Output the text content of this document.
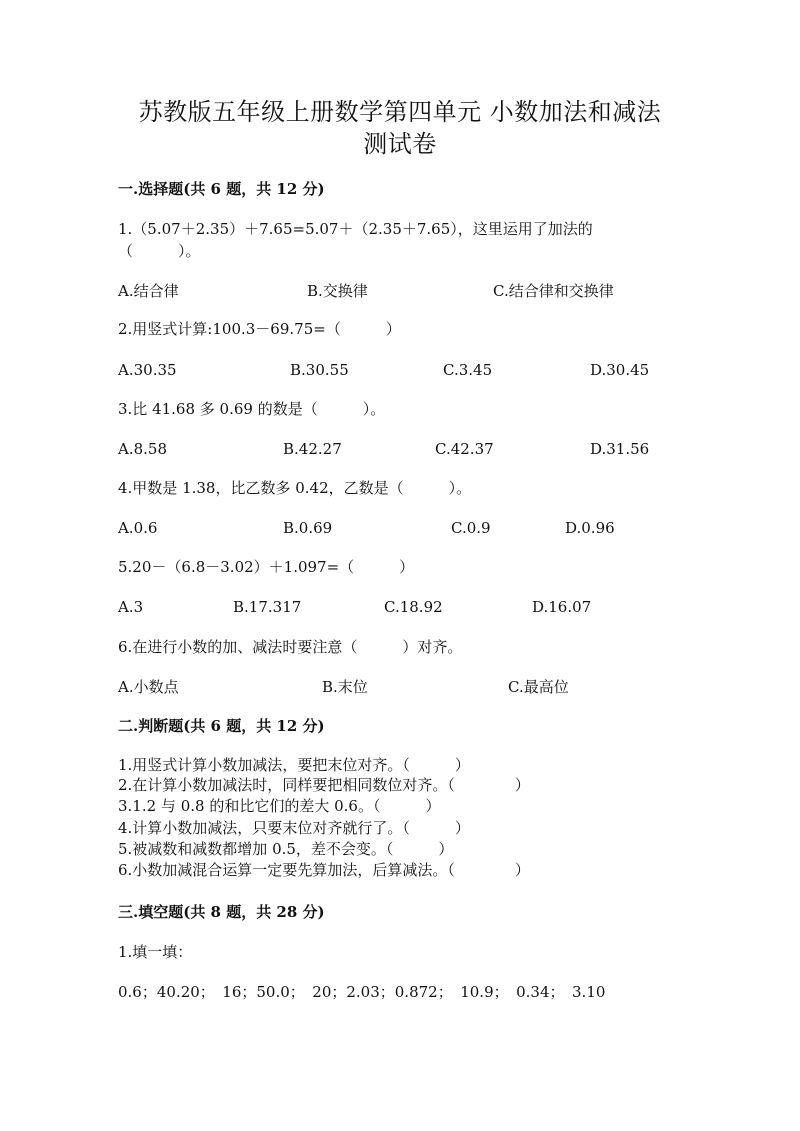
苏教版五年级上册数学第四单元 小数加法和减法
测试卷
一.选择题(共 6 题，共 12 分)
1.（5.07＋2.35）＋7.65=5.07＋（2.35＋7.65），这里运用了加法的
（　　　）。
A.结合律	B.交换律	C.结合律和交换律
2.用竖式计算:100.3－69.75=（　　　）
A.30.35	B.30.55	C.3.45	D.30.45
3.比 41.68 多 0.69 的数是（　　　）。
A.8.58	B.42.27	C.42.37	D.31.56
4.甲数是 1.38，比乙数多 0.42，乙数是（　　　）。
A.0.6	B.0.69	C.0.9	D.0.96
5.20－（6.8－3.02）＋1.097=（　　　）
A.3	B.17.317	C.18.92	D.16.07
6.在进行小数的加、减法时要注意（　　　）对齐。
A.小数点	B.末位	C.最高位
二.判断题(共 6 题，共 12 分)
1.用竖式计算小数加减法，要把末位对齐。（　　　）
2.在计算小数加减法时，同样要把相同数位对齐。（　　　　）
3.1.2 与 0.8 的和比它们的差大 0.6。（　　　）
4.计算小数加减法，只要末位对齐就行了。（　　　）
5.被减数和减数都增加 0.5，差不会变。（　　　）
6.小数加减混合运算一定要先算加法，后算减法。（　　　　）
三.填空题(共 8 题，共 28 分)
1.填一填：
0.6；40.20；　16；50.0；　20；2.03；0.872；　10.9；　0.34；　3.10
